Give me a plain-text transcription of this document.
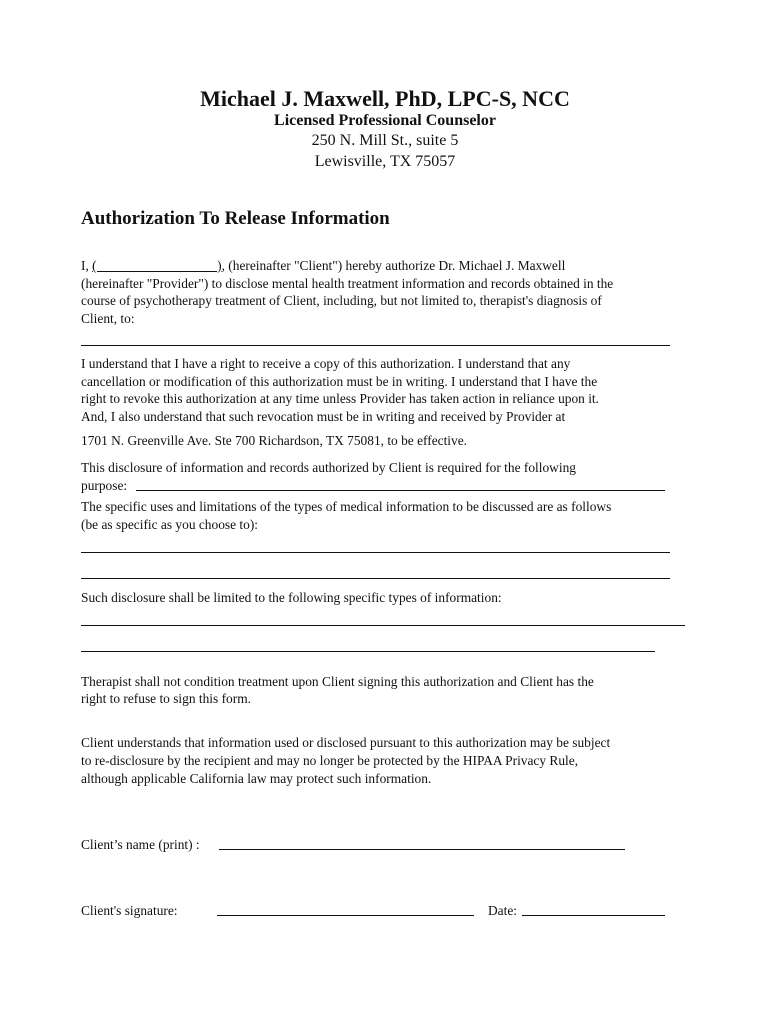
Michael J. Maxwell, PhD, LPC-S, NCC
Licensed Professional Counselor
250 N. Mill St., suite 5
Lewisville, TX 75057
Authorization To Release Information
I, (                                    ), (hereinafter "Client") hereby authorize Dr. Michael J. Maxwell
(hereinafter "Provider") to disclose mental health treatment information and records obtained in the
course of psychotherapy treatment of Client, including, but not limited to, therapist's diagnosis of
Client, to:
I understand that I have a right to receive a copy of this authorization. I understand that any
cancellation or modification of this authorization must be in writing. I understand that I have the
right to revoke this authorization at any time unless Provider has taken action in reliance upon it.
And, I also understand that such revocation must be in writing and received by Provider at
1701 N. Greenville Ave. Ste 700 Richardson, TX 75081, to be effective.
This disclosure of information and records authorized by Client is required for the following
purpose:
The specific uses and limitations of the types of medical information to be discussed are as follows
(be as specific as you choose to):
Such disclosure shall be limited to the following specific types of information:
Therapist shall not condition treatment upon Client signing this authorization and Client has the
right to refuse to sign this form.
Client understands that information used or disclosed pursuant to this authorization may be subject
to re-disclosure by the recipient and may no longer be protected by the HIPAA Privacy Rule,
although applicable California law may protect such information.
Client’s name (print) :
Client's signature:	Date:
